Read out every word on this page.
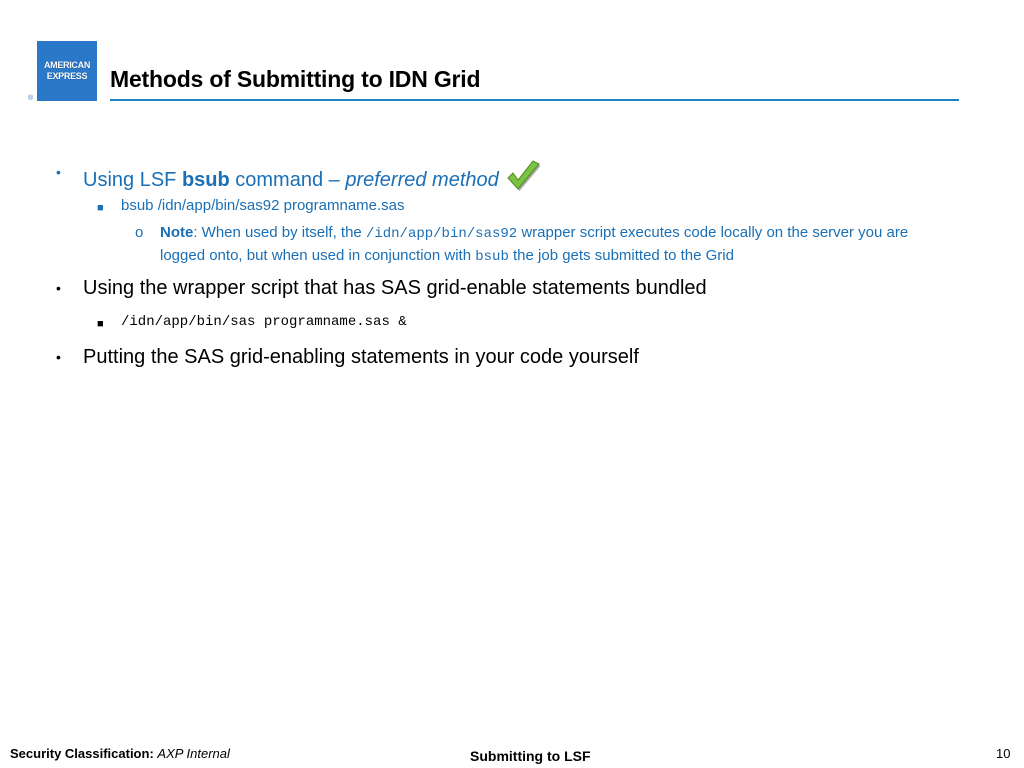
AMERICAN
EXPRESS
®
Methods of Submitting to IDN Grid
• Using LSF bsub command – preferred method
■ bsub /idn/app/bin/sas92 programname.sas
o Note: When used by itself, the /idn/app/bin/sas92 wrapper script executes code locally on the server you are logged onto, but when used in conjunction with bsub the job gets submitted to the Grid
• Using the wrapper script that has SAS grid-enable statements bundled
■ /idn/app/bin/sas programname.sas &
• Putting the SAS grid-enabling statements in your code yourself
Security Classification: AXP Internal	Submitting to LSF	10
